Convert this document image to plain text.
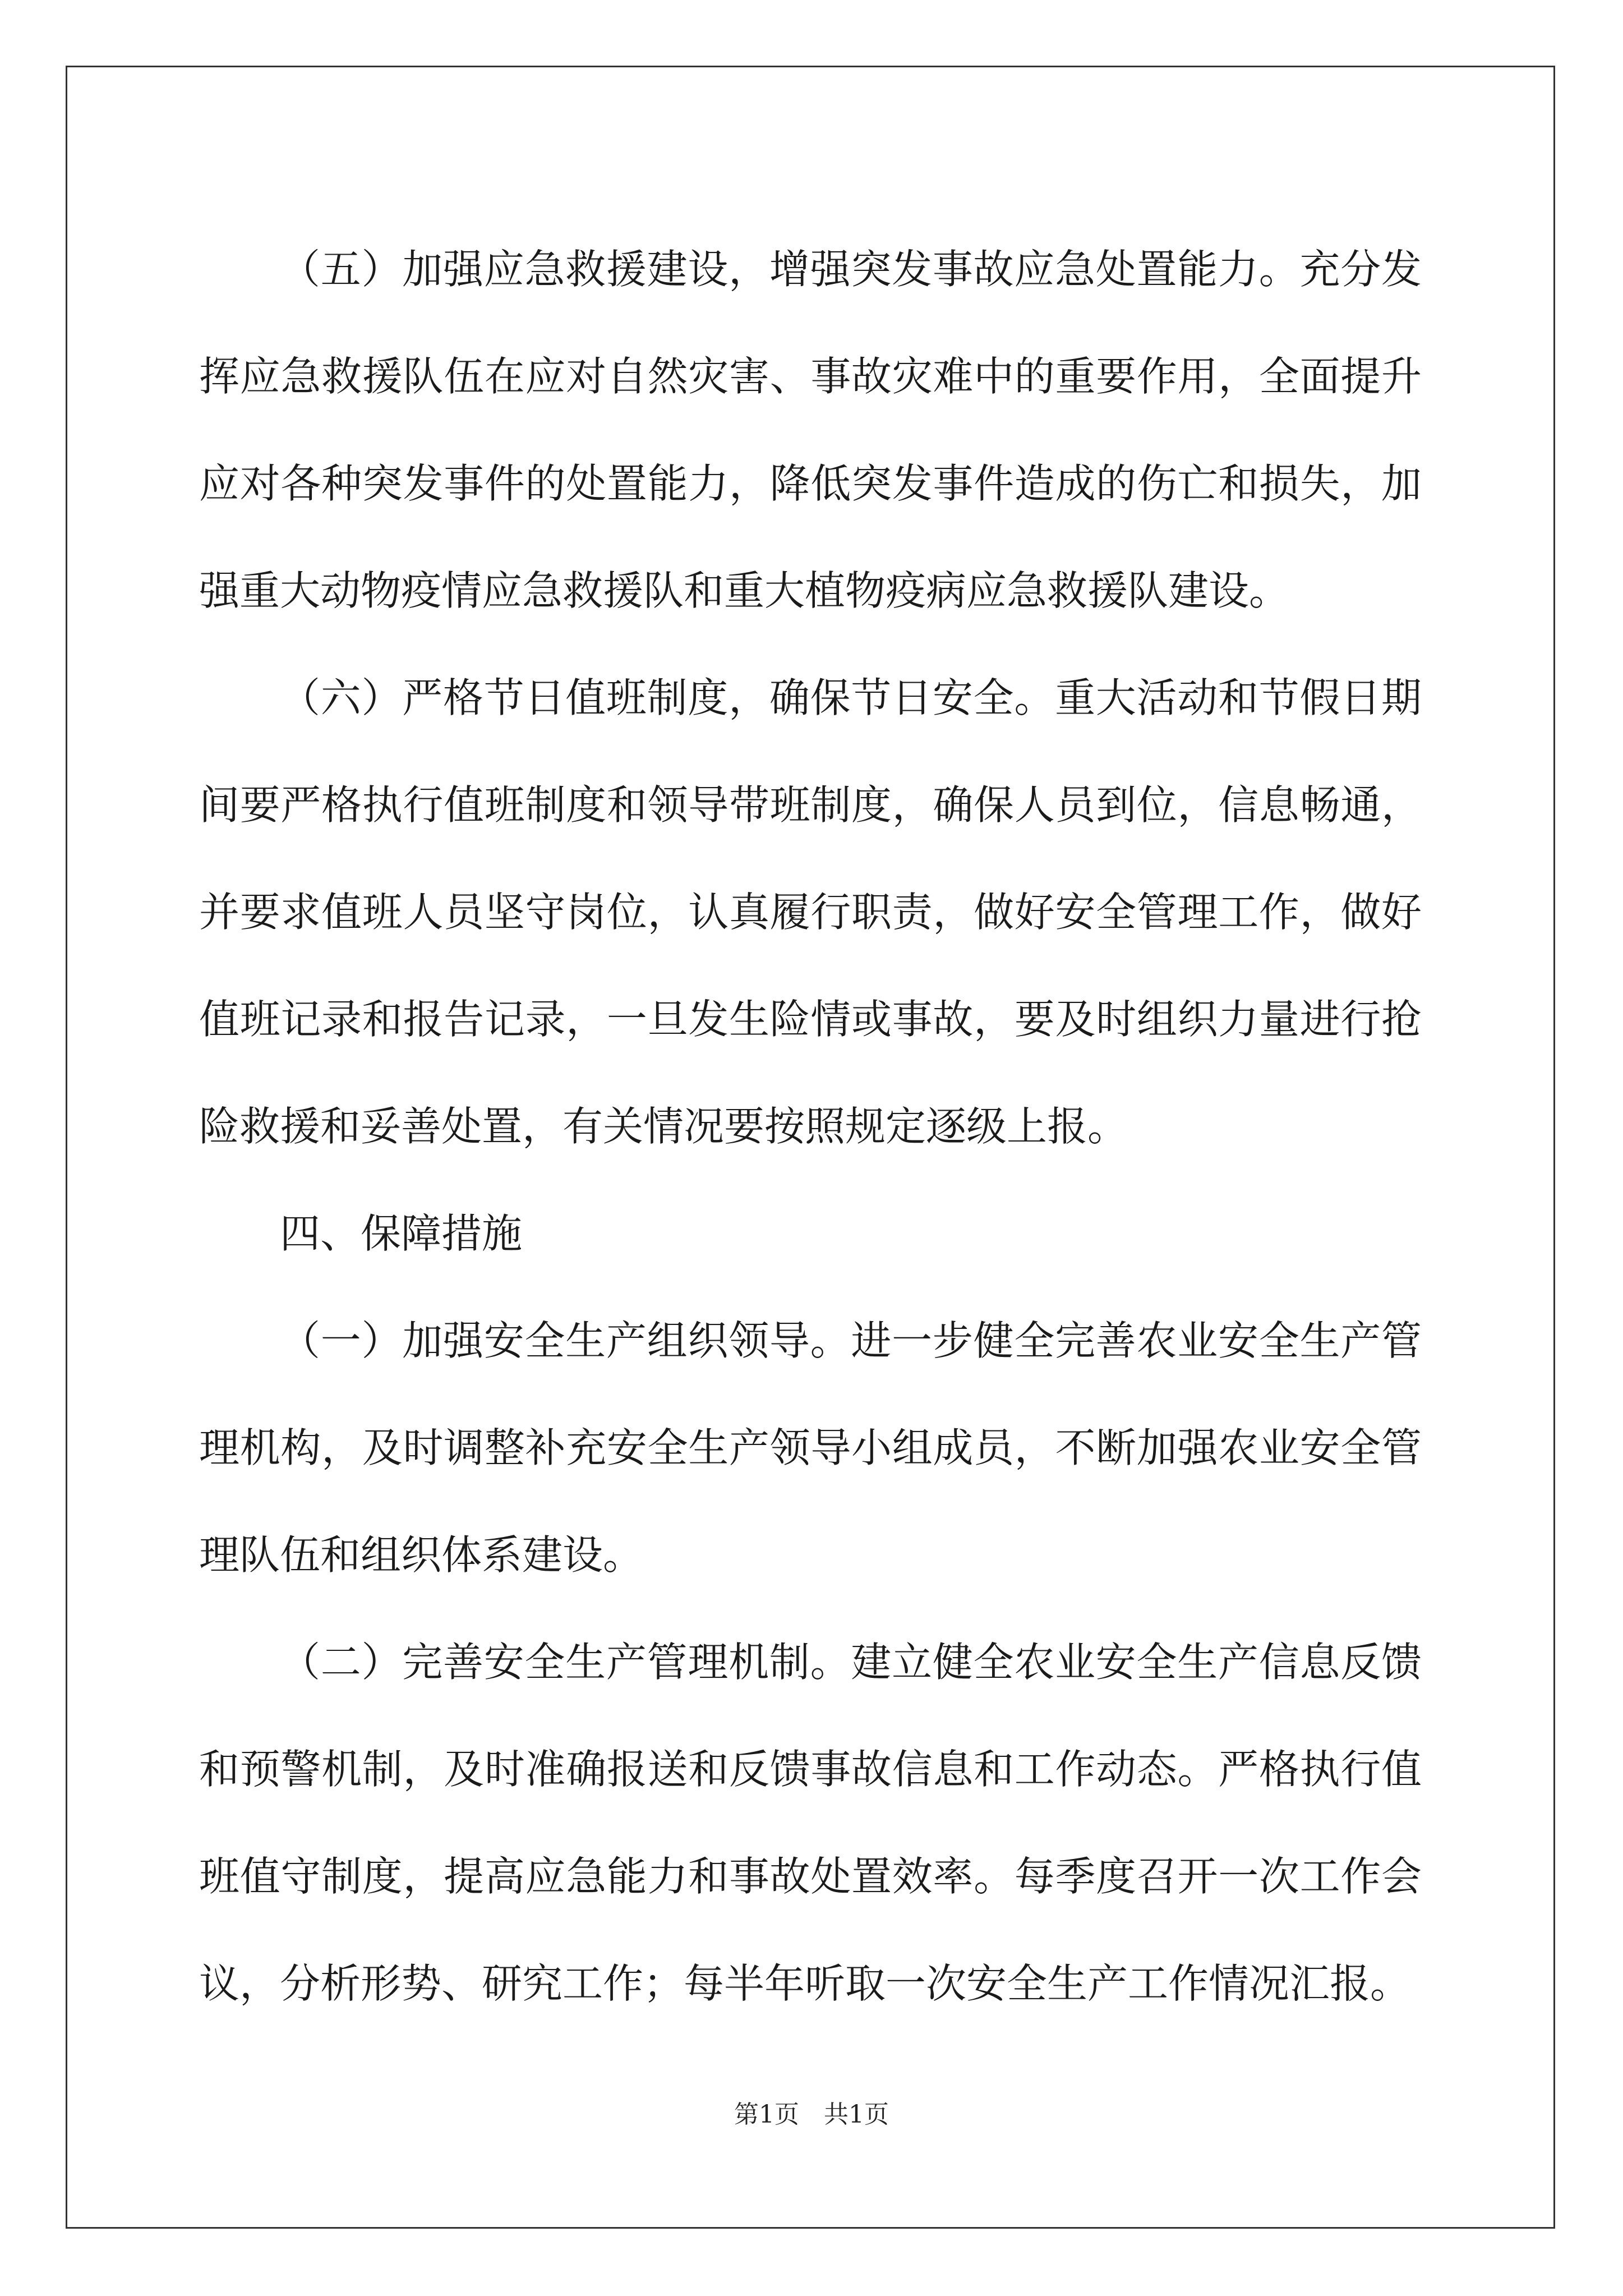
（五）加强应急救援建设，增强突发事故应急处置能力。充分发挥应急救援队伍在应对自然灾害、事故灾难中的重要作用，全面提升应对各种突发事件的处置能力，降低突发事件造成的伤亡和损失，加强重大动物疫情应急救援队和重大植物疫病应急救援队建设。

（六）严格节日值班制度，确保节日安全。重大活动和节假日期间要严格执行值班制度和领导带班制度，确保人员到位，信息畅通，并要求值班人员坚守岗位，认真履行职责，做好安全管理工作，做好值班记录和报告记录，一旦发生险情或事故，要及时组织力量进行抢险救援和妥善处置，有关情况要按照规定逐级上报。

四、保障措施

（一）加强安全生产组织领导。进一步健全完善农业安全生产管理机构，及时调整补充安全生产领导小组成员，不断加强农业安全管理队伍和组织体系建设。

（二）完善安全生产管理机制。建立健全农业安全生产信息反馈和预警机制，及时准确报送和反馈事故信息和工作动态。严格执行值班值守制度，提高应急能力和事故处置效率。每季度召开一次工作会议，分析形势、研究工作；每半年听取一次安全生产工作情况汇报。

第1页　共1页
